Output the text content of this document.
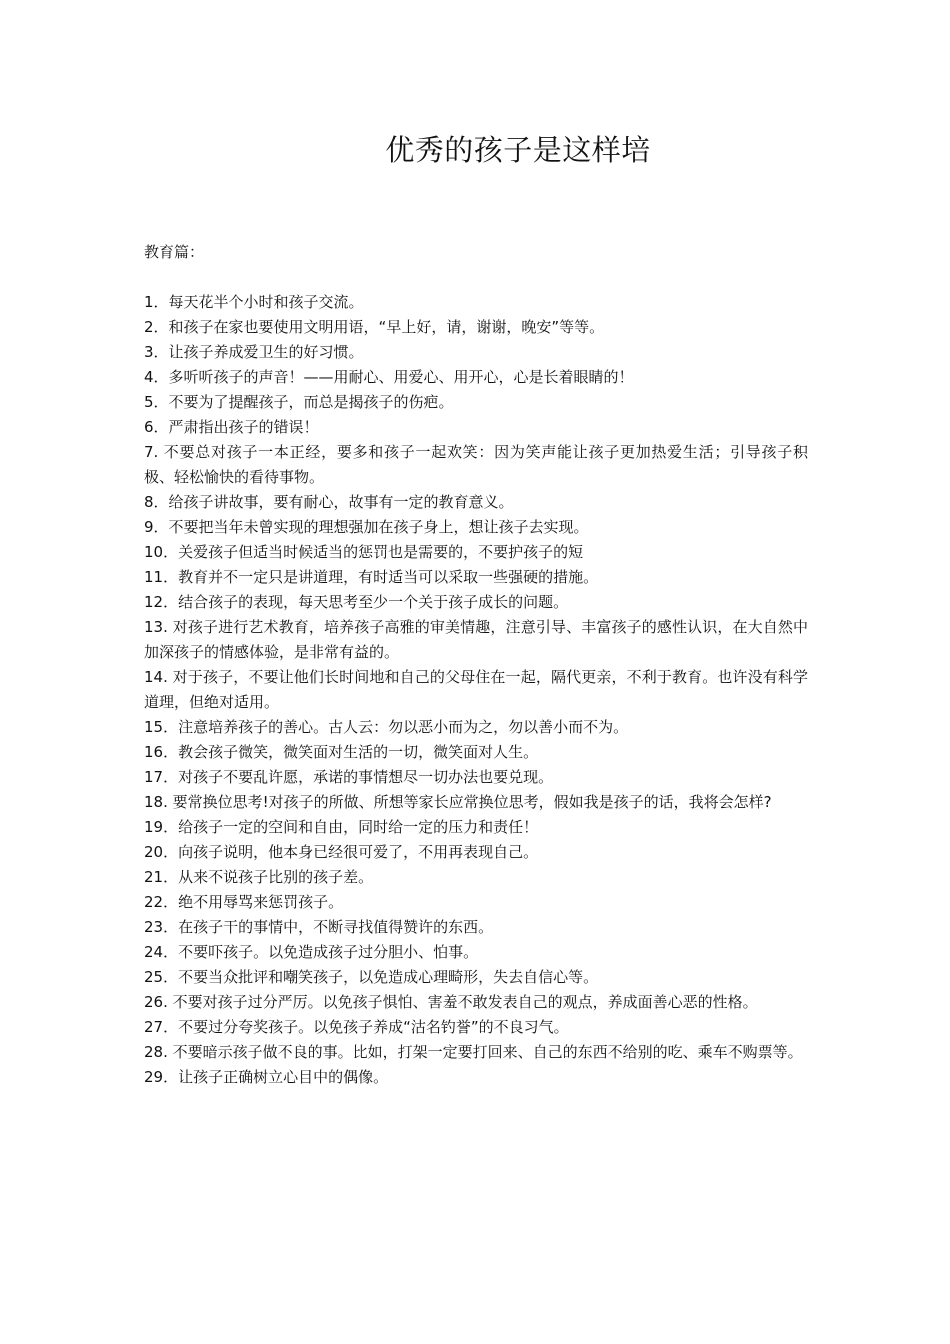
优秀的孩子是这样培

教育篇：

1．每天花半个小时和孩子交流。
2．和孩子在家也要使用文明用语，“早上好，请，谢谢，晚安”等等。
3．让孩子养成爱卫生的好习惯。
4．多听听孩子的声音！——用耐心、用爱心、用开心，心是长着眼睛的！
5．不要为了提醒孩子，而总是揭孩子的伤疤。
6．严肃指出孩子的错误！
7. 不要总对孩子一本正经，要多和孩子一起欢笑：因为笑声能让孩子更加热爱生活；引导孩子积极、轻松愉快的看待事物。
8．给孩子讲故事，要有耐心，故事有一定的教育意义。
9．不要把当年未曾实现的理想强加在孩子身上，想让孩子去实现。
10．关爱孩子但适当时候适当的惩罚也是需要的，不要护孩子的短
11．教育并不一定只是讲道理，有时适当可以采取一些强硬的措施。
12．结合孩子的表现，每天思考至少一个关于孩子成长的问题。
13. 对孩子进行艺术教育，培养孩子高雅的审美情趣，注意引导、丰富孩子的感性认识，在大自然中加深孩子的情感体验，是非常有益的。
14. 对于孩子，不要让他们长时间地和自己的父母住在一起，隔代更亲，不利于教育。也许没有科学道理，但绝对适用。
15．注意培养孩子的善心。古人云：勿以恶小而为之，勿以善小而不为。
16．教会孩子微笑，微笑面对生活的一切，微笑面对人生。
17．对孩子不要乱许愿，承诺的事情想尽一切办法也要兑现。
18. 要常换位思考!对孩子的所做、所想等家长应常换位思考，假如我是孩子的话，我将会怎样?
19．给孩子一定的空间和自由，同时给一定的压力和责任！
20．向孩子说明，他本身已经很可爱了，不用再表现自己。
21．从来不说孩子比别的孩子差。
22．绝不用辱骂来惩罚孩子。
23．在孩子干的事情中，不断寻找值得赞许的东西。
24．不要吓孩子。以免造成孩子过分胆小、怕事。
25．不要当众批评和嘲笑孩子，以免造成心理畸形，失去自信心等。
26. 不要对孩子过分严厉。以免孩子惧怕、害羞不敢发表自己的观点，养成面善心恶的性格。
27．不要过分夸奖孩子。以免孩子养成“沽名钓誉”的不良习气。
28. 不要暗示孩子做不良的事。比如，打架一定要打回来、自己的东西不给别的吃、乘车不购票等。
29．让孩子正确树立心目中的偶像。
